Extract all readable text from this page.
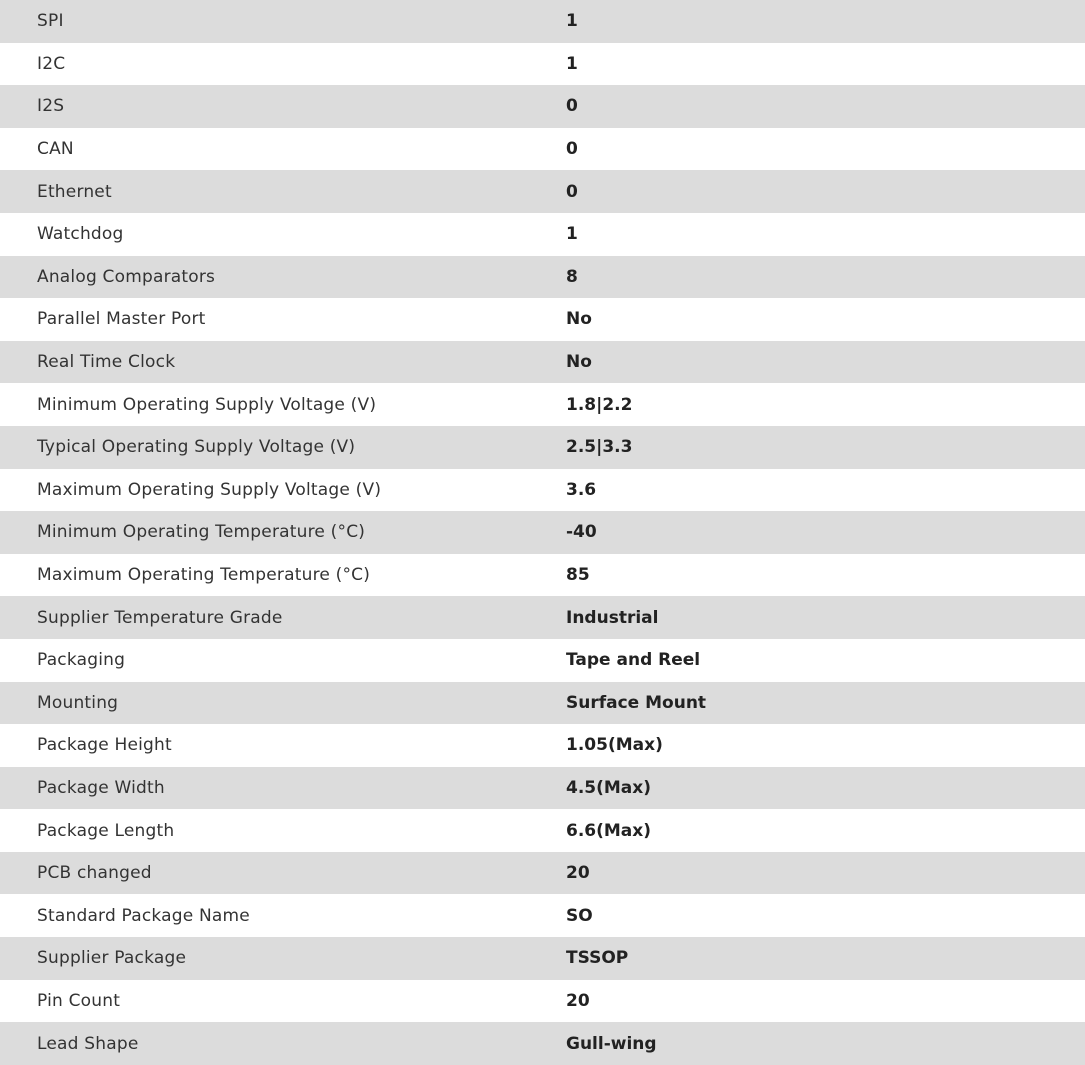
SPI	1
I2C	1
I2S	0
CAN	0
Ethernet	0
Watchdog	1
Analog Comparators	8
Parallel Master Port	No
Real Time Clock	No
Minimum Operating Supply Voltage (V)	1.8|2.2
Typical Operating Supply Voltage (V)	2.5|3.3
Maximum Operating Supply Voltage (V)	3.6
Minimum Operating Temperature (°C)	-40
Maximum Operating Temperature (°C)	85
Supplier Temperature Grade	Industrial
Packaging	Tape and Reel
Mounting	Surface Mount
Package Height	1.05(Max)
Package Width	4.5(Max)
Package Length	6.6(Max)
PCB changed	20
Standard Package Name	SO
Supplier Package	TSSOP
Pin Count	20
Lead Shape	Gull-wing
